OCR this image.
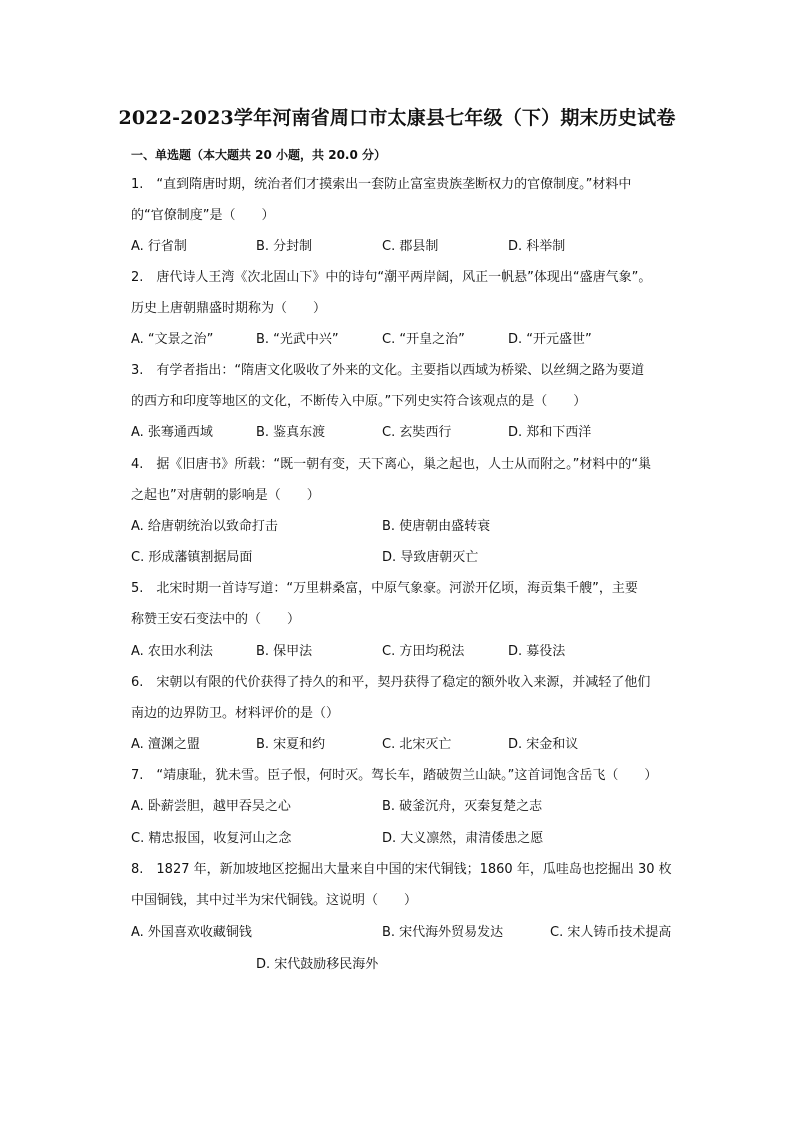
2022-2023学年河南省周口市太康县七年级（下）期末历史试卷
一、单选题（本大题共 20 小题，共 20.0 分）
1.　“直到隋唐时期，统治者们才摸索出一套防止富室贵族垄断权力的官僚制度。”材料中
的“官僚制度”是（　　）
A. 行省制	B. 分封制	C. 郡县制	D. 科举制
2.　唐代诗人王湾《次北固山下》中的诗句“潮平两岸阔，风正一帆悬”体现出“盛唐气象”。
历史上唐朝鼎盛时期称为（　　）
A. “文景之治”	B. “光武中兴”	C. “开皇之治”	D. “开元盛世”
3.　有学者指出：“隋唐文化吸收了外来的文化。主要指以西域为桥梁、以丝绸之路为要道
的西方和印度等地区的文化，不断传入中原。”下列史实符合该观点的是（　　）
A. 张骞通西域	B. 鉴真东渡	C. 玄奘西行	D. 郑和下西洋
4.　据《旧唐书》所载：“既一朝有变，天下离心，巢之起也，人士从而附之。”材料中的“巢
之起也”对唐朝的影响是（　　）
A. 给唐朝统治以致命打击	B. 使唐朝由盛转衰
C. 形成藩镇割据局面	D. 导致唐朝灭亡
5.　北宋时期一首诗写道：“万里耕桑富，中原气象豪。河淤开亿顷，海贡集千艘”，主要
称赞王安石变法中的（　　）
A. 农田水利法	B. 保甲法	C. 方田均税法	D. 募役法
6.　宋朝以有限的代价获得了持久的和平，契丹获得了稳定的额外收入来源，并减轻了他们
南边的边界防卫。材料评价的是（）
A. 澶渊之盟	B. 宋夏和约	C. 北宋灭亡	D. 宋金和议
7.　“靖康耻，犹未雪。臣子恨，何时灭。驾长车，踏破贺兰山缺。”这首词饱含岳飞（　　）
A. 卧薪尝胆，越甲吞吴之心	B. 破釜沉舟，灭秦复楚之志
C. 精忠报国，收复河山之念	D. 大义凛然，肃清倭患之愿
8.　1827 年，新加坡地区挖掘出大量来自中国的宋代铜钱；1860 年，瓜哇岛也挖掘出 30 枚
中国铜钱，其中过半为宋代铜钱。这说明（　　）
A. 外国喜欢收藏铜钱	B. 宋代海外贸易发达	C. 宋人铸币技术提高
D. 宋代鼓励移民海外
